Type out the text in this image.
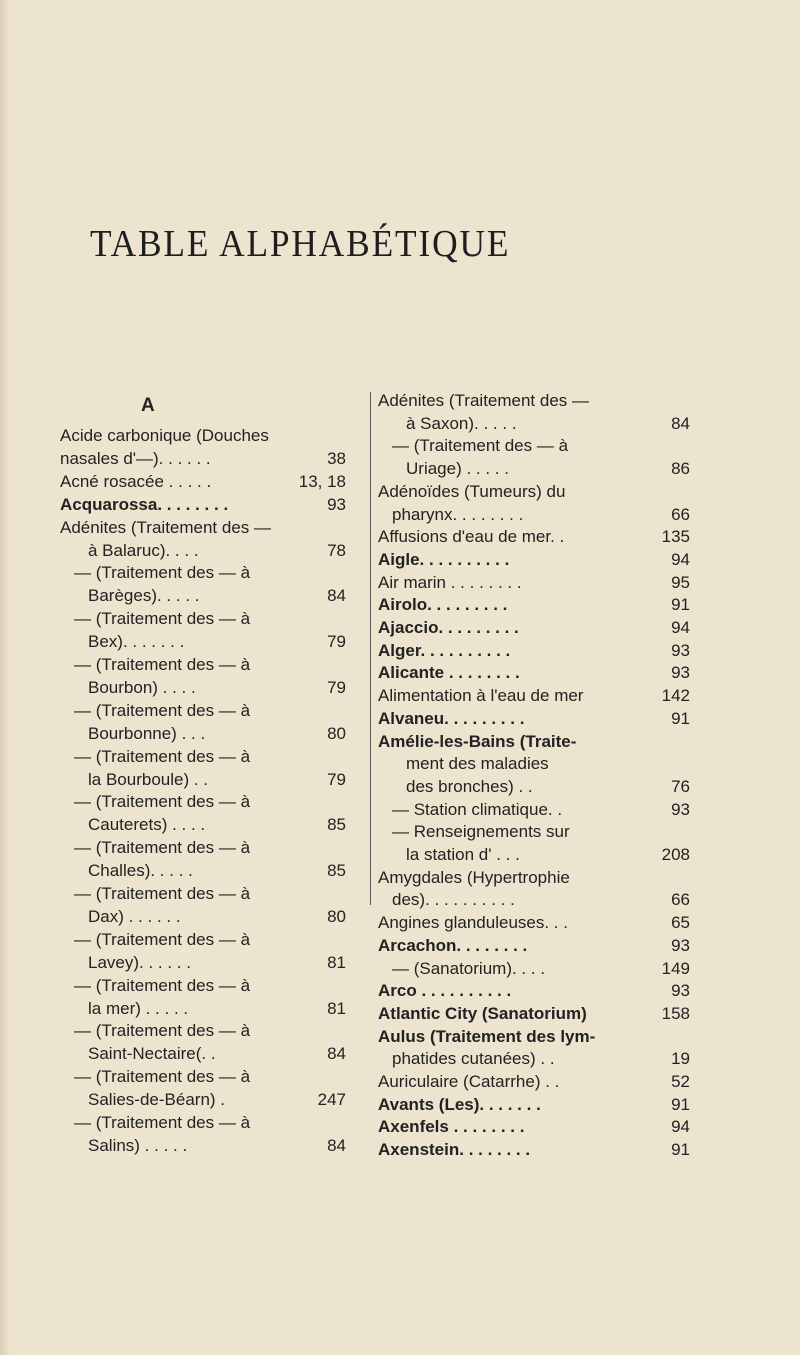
TABLE ALPHABÉTIQUE
A
Acide carbonique (Douches
nasales d'—). . . . . .	38
Acné rosacée . . . . .	13, 18
Acquarossa. . . . . . . .	93
Adénites (Traitement des —
à Balaruc). . . .	78
— (Traitement des — à
Barèges). . . . .	84
— (Traitement des — à
Bex). . . . . . .	79
— (Traitement des — à
Bourbon) . . . .	79
— (Traitement des — à
Bourbonne) . . .	80
— (Traitement des — à
la Bourboule) . .	79
— (Traitement des — à
Cauterets) . . . .	85
— (Traitement des — à
Challes). . . . .	85
— (Traitement des — à
Dax) . . . . . .	80
— (Traitement des — à
Lavey). . . . . .	81
— (Traitement des — à
la mer) . . . . .	81
— (Traitement des — à
Saint-Nectaire(. .	84
— (Traitement des — à
Salies-de-Béarn) .	247
— (Traitement des — à
Salins) . . . . .	84
Adénites (Traitement des —
à Saxon). . . . .	84
— (Traitement des — à
Uriage) . . . . .	86
Adénoïdes (Tumeurs) du
pharynx. . . . . . . .	66
Affusions d'eau de mer. .	135
Aigle. . . . . . . . . .	94
Air marin . . . . . . . .	95
Airolo. . . . . . . . .	91
Ajaccio. . . . . . . . .	94
Alger. . . . . . . . . .	93
Alicante . . . . . . . .	93
Alimentation à l'eau de mer	142
Alvaneu. . . . . . . . .	91
Amélie-les-Bains (Traite-
ment des maladies
des bronches) . .	76
— Station climatique. .	93
— Renseignements sur
la station d' . . .	208
Amygdales (Hypertrophie
des). . . . . . . . . .	66
Angines glanduleuses. . .	65
Arcachon. . . . . . . .	93
— (Sanatorium). . . .	149
Arco . . . . . . . . . .	93
Atlantic City (Sanatorium)	158
Aulus (Traitement des lym-
phatides cutanées) . .	19
Auriculaire (Catarrhe) . .	52
Avants (Les). . . . . . .	91
Axenfels . . . . . . . .	94
Axenstein. . . . . . . .	91
